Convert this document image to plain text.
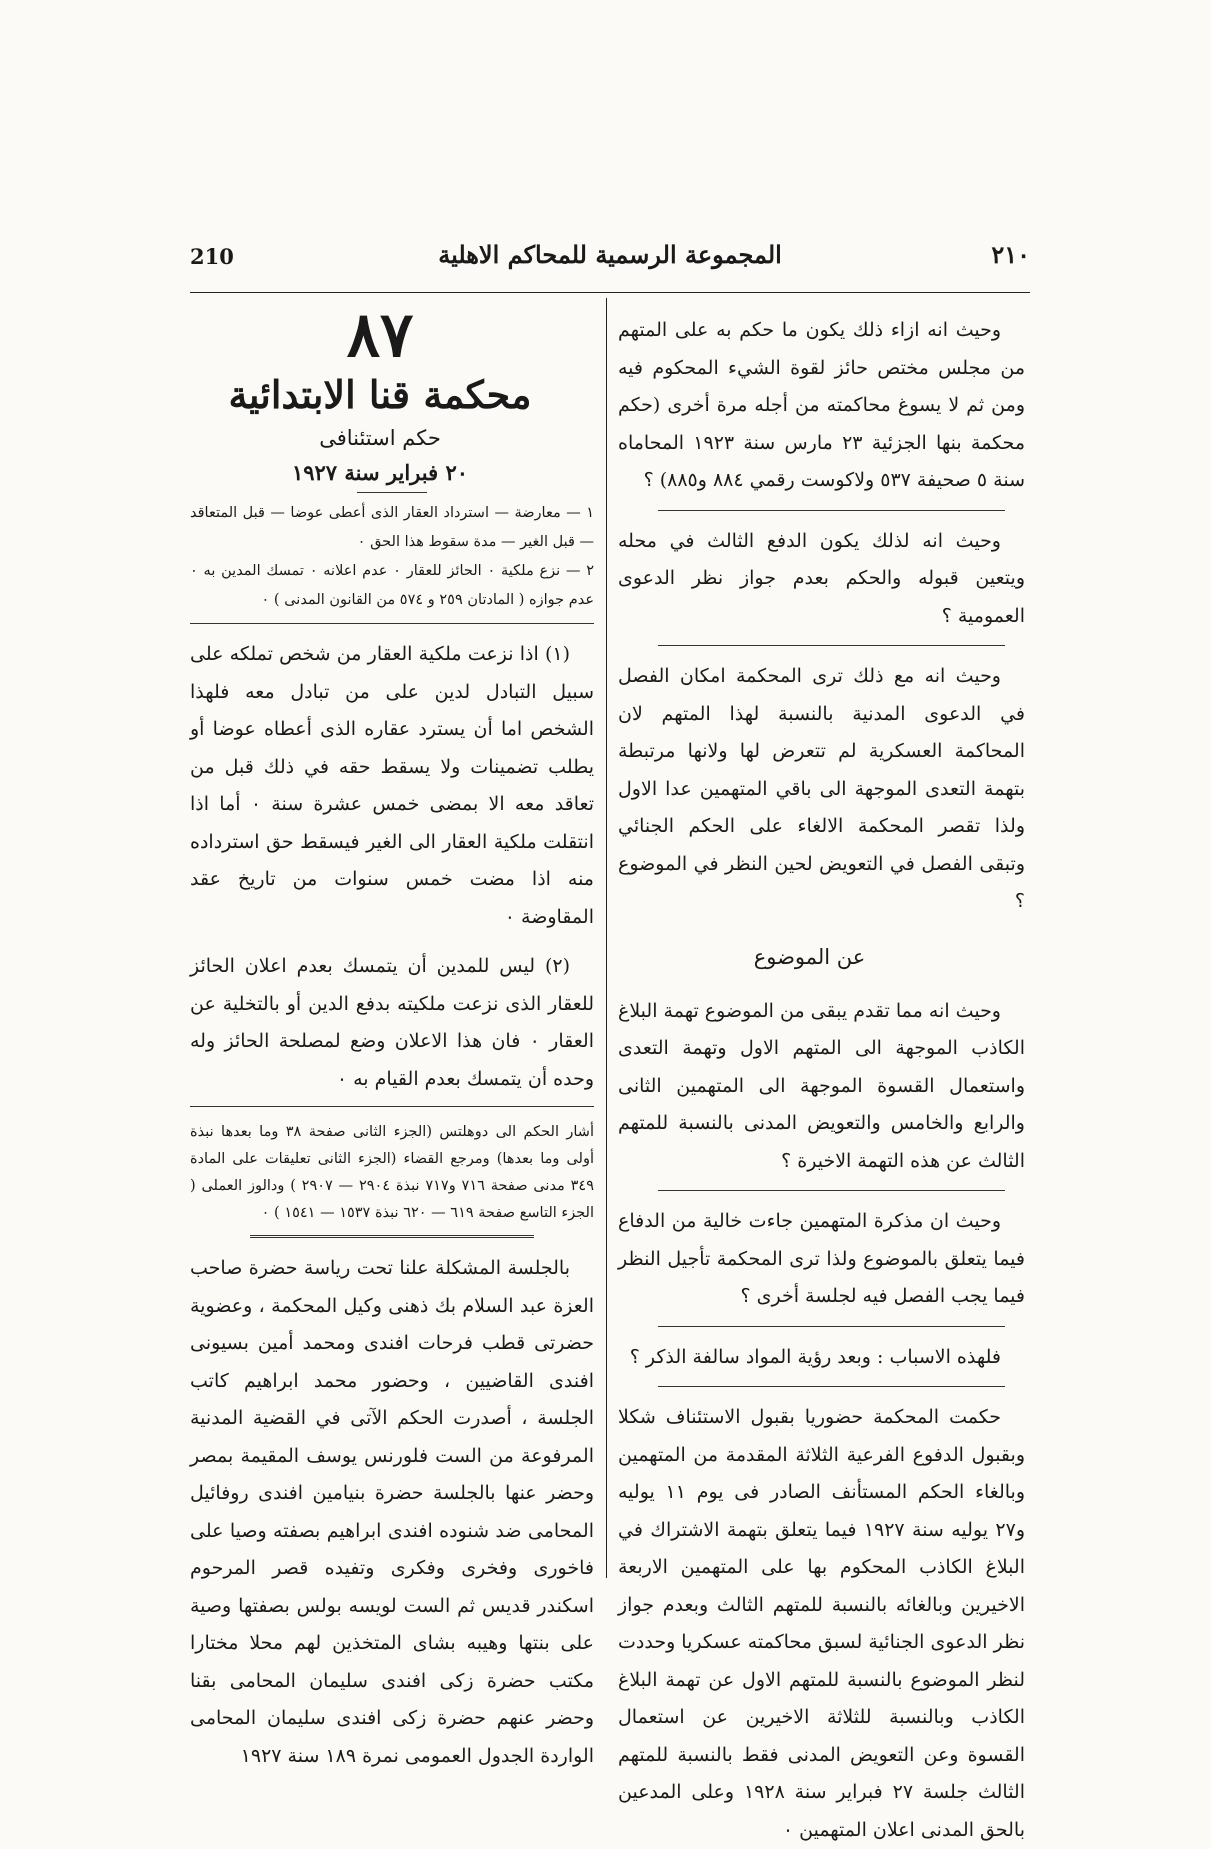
210	المجموعة الرسمية للمحاكم الاهلية	٢١٠

وحيث انه ازاء ذلك يكون ما حكم به على المتهم من مجلس مختص حائز لقوة الشيء المحكوم فيه ومن ثم لا يسوغ محاكمته من أجله مرة أخرى (حكم محكمة بنها الجزئية ٢٣ مارس سنة ١٩٢٣ المحاماه سنة ٥ صحيفة ٥٣٧ ولاكوست رقمي ٨٨٤ و٨٨٥) ؟

وحيث انه لذلك يكون الدفع الثالث في محله ويتعين قبوله والحكم بعدم جواز نظر الدعوى العمومية ؟

وحيث انه مع ذلك ترى المحكمة امكان الفصل في الدعوى المدنية بالنسبة لهذا المتهم لان المحاكمة العسكرية لم تتعرض لها ولانها مرتبطة بتهمة التعدى الموجهة الى باقي المتهمين عدا الاول ولذا تقصر المحكمة الالغاء على الحكم الجنائي وتبقى الفصل في التعويض لحين النظر في الموضوع ؟

عن الموضوع

وحيث انه مما تقدم يبقى من الموضوع تهمة البلاغ الكاذب الموجهة الى المتهم الاول وتهمة التعدى واستعمال القسوة الموجهة الى المتهمين الثانى والرابع والخامس والتعويض المدنى بالنسبة للمتهم الثالث عن هذه التهمة الاخيرة ؟

وحيث ان مذكرة المتهمين جاءت خالية من الدفاع فيما يتعلق بالموضوع ولذا ترى المحكمة تأجيل النظر فيما يجب الفصل فيه لجلسة أخرى ؟

فلهذه الاسباب : وبعد رؤية المواد سالفة الذكر ؟

حكمت المحكمة حضوريا بقبول الاستئناف شكلا وبقبول الدفوع الفرعية الثلاثة المقدمة من المتهمين وبالغاء الحكم المستأنف الصادر فى يوم ١١ يوليه و٢٧ يوليه سنة ١٩٢٧ فيما يتعلق بتهمة الاشتراك في البلاغ الكاذب المحكوم بها على المتهمين الاربعة الاخيرين وبالغائه بالنسبة للمتهم الثالث وبعدم جواز نظر الدعوى الجنائية لسبق محاكمته عسكريا وحددت لنظر الموضوع بالنسبة للمتهم الاول عن تهمة البلاغ الكاذب وبالنسبة للثلاثة الاخيرين عن استعمال القسوة وعن التعويض المدنى فقط بالنسبة للمتهم الثالث جلسة ٢٧ فبراير سنة ١٩٢٨ وعلى المدعين بالحق المدنى اعلان المتهمين ٠

٨٧

محكمة قنا الابتدائية

حكم استئنافى

٢٠ فبراير سنة ١٩٢٧

١ — معارضة — استرداد العقار الذى أعطى عوضا — قبل المتعاقد — قبل الغير — مدة سقوط هذا الحق ٠

٢ — نزع ملكية ٠ الحائز للعقار ٠ عدم اعلانه ٠ تمسك المدين به ٠ عدم جوازه ( المادتان ٢٥٩ و ٥٧٤ من القانون المدنى ) ٠

(١) اذا نزعت ملكية العقار من شخص تملكه على سبيل التبادل لدين على من تبادل معه فلهذا الشخص اما أن يسترد عقاره الذى أعطاه عوضا أو يطلب تضمينات ولا يسقط حقه في ذلك قبل من تعاقد معه الا بمضى خمس عشرة سنة ٠ أما اذا انتقلت ملكية العقار الى الغير فيسقط حق استرداده منه اذا مضت خمس سنوات من تاريخ عقد المقاوضة ٠

(٢) ليس للمدين أن يتمسك بعدم اعلان الحائز للعقار الذى نزعت ملكيته بدفع الدين أو بالتخلية عن العقار ٠ فان هذا الاعلان وضع لمصلحة الحائز وله وحده أن يتمسك بعدم القيام به ٠

أشار الحكم الى دوهلتس (الجزء الثانى صفحة ٣٨ وما بعدها نبذة أولى وما بعدها) ومرجع القضاء (الجزء الثانى تعليقات على المادة ٣٤٩ مدنى صفحة ٧١٦ و٧١٧ نبذة ٢٩٠٤ — ٢٩٠٧ ) ودالوز العملى ( الجزء التاسع صفحة ٦١٩ — ٦٢٠ نبذة ١٥٣٧ — ١٥٤١ ) ٠

بالجلسة المشكلة علنا تحت رياسة حضرة صاحب العزة عبد السلام بك ذهنى وكيل المحكمة ، وعضوية حضرتى قطب فرحات افندى ومحمد أمين بسيونى افندى القاضيين ، وحضور محمد ابراهيم كاتب الجلسة ، أصدرت الحكم الآتى في القضية المدنية المرفوعة من الست فلورنس يوسف المقيمة بمصر وحضر عنها بالجلسة حضرة بنيامين افندى روفائيل المحامى ضد شنوده افندى ابراهيم بصفته وصيا على فاخورى وفخرى وفكرى وتفيده قصر المرحوم اسكندر قديس ثم الست لويسه بولس بصفتها وصية على بنتها وهيبه بشاى المتخذين لهم محلا مختارا مكتب حضرة زكى افندى سليمان المحامى بقنا وحضر عنهم حضرة زكى افندى سليمان المحامى الواردة الجدول العمومى نمرة ١٨٩ سنة ١٩٢٧
